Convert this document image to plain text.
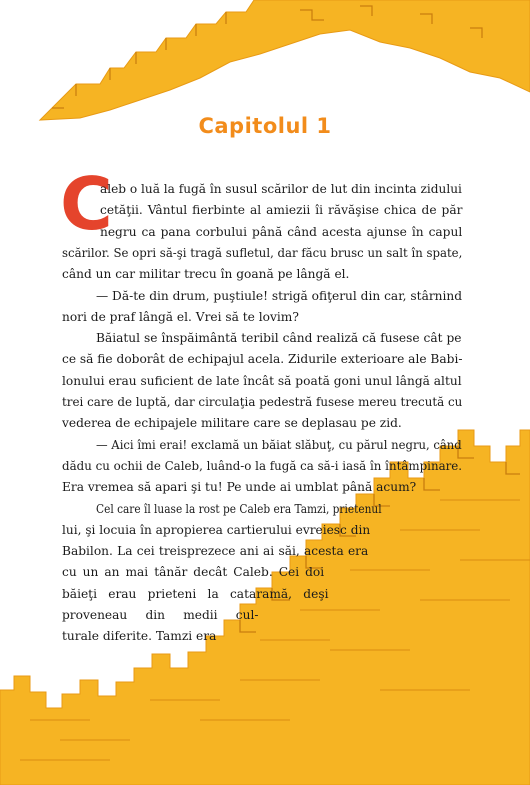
Capitolul 1
C
aleb o luă la fugă în susul scărilor de lut din incinta zidului
cetăţii. Vântul fierbinte al amiezii îi răvăşise chica de păr
negru ca pana corbului până când acesta ajunse în capul
scărilor. Se opri să-şi tragă sufletul, dar făcu brusc un salt în spate,
când un car militar trecu în goană pe lângă el.
— Dă-te din drum, puştiule! strigă ofiţerul din car, stârnind
nori de praf lângă el. Vrei să te lovim?
Băiatul se înspăimântă teribil când realiză că fusese cât pe
ce să fie doborât de echipajul acela. Zidurile exterioare ale Babi-
lonului erau suficient de late încât să poată goni unul lângă altul
trei care de luptă, dar circulaţia pedestră fusese mereu trecută cu
vederea de echipajele militare care se deplasau pe zid.
— Aici îmi erai! exclamă un băiat slăbuţ, cu părul negru, când
dădu cu ochii de Caleb, luând-o la fugă ca să-i iasă în întâmpinare.
Era vremea să apari şi tu! Pe unde ai umblat până acum?
Cel care îl luase la rost pe Caleb era Tamzi, prietenul
lui, şi locuia în apropierea cartierului evreiesc din
Babilon. La cei treisprezece ani ai săi, acesta era
cu un an mai tânăr decât Caleb. Cei doi
băieţi erau prieteni la cataramă, deşi
proveneau din medii cul-
turale diferite. Tamzi era
